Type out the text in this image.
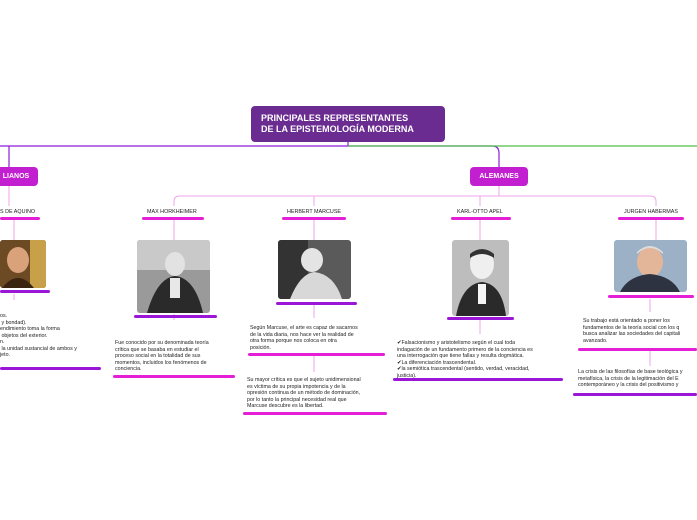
PRINCIPALES REPRESENTANTES
DE LA EPISTEMOLOGÍA MODERNA
LIANOS	ALEMANES
S DE AQUINO
os.
y bondad).
endimiento toma la forma
objetos del exterior.
n.
la unidad sustancial de ambos y
jeto.
MAX HORKHEIMER
Fue conocido por su denominada teoría
crítica que se basaba en estudiar el
proceso social en la totalidad de sus
momentos, incluidos los fenómenos de
conciencia.
HERBERT MARCUSE
Según Marcuse, el arte es capaz de sacarnos
de la vida diaria, nos hace ver la realidad de
otra forma porque nos coloca en otra
posición.
Su mayor crítica es que el sujeto unidimensional
es víctima de su propia impotencia y de la
opresión continua de un método de dominación,
por lo tanto la principal necesidad real que
Marcuse descubre es la libertad.
KARL-OTTO APEL
✔Falsacionismo y aristotelismo según el cual toda
indagación de un fundamento primero de la conciencia es
una interrogación que tiene fallas y resulta dogmática.
✔La diferenciación trascendental.
✔la semiótica trascendental (sentido, verdad, veracidad,
justicia).
JURGEN HABERMAS
Su trabajo está orientado a poner los
fundamentos de la teoría social con los q
busca analizar las sociedades del capitali
avanzado.
La crisis de las filosofías de base teológica y
metafísica, la crisis de la legitimación del E
contemporáneo y la crisis del positivismo y
